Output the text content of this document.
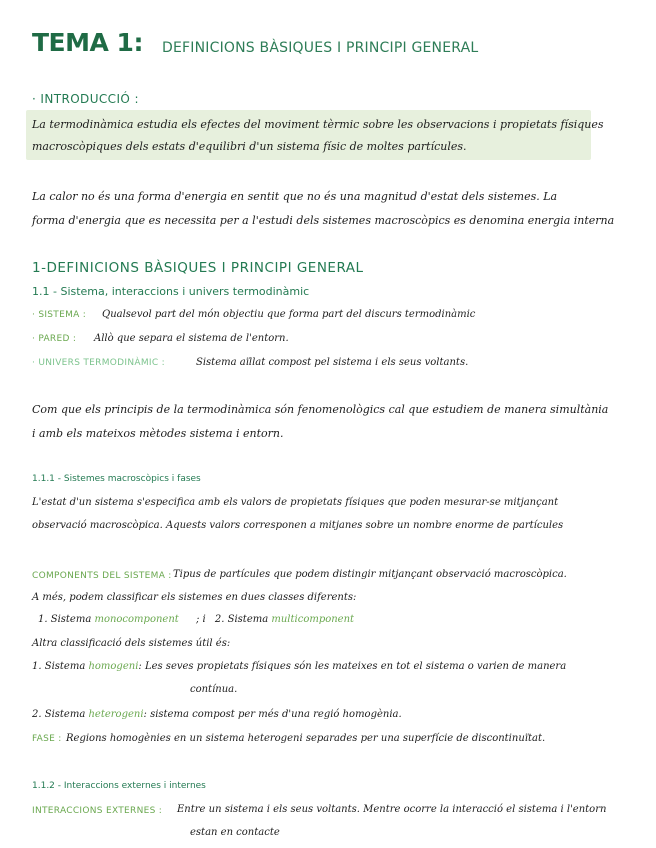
TEMA 1: DEFINICIONS BÀSIQUES I PRINCIPI GENERAL
· INTRODUCCIÓ :
La termodinàmica estudia els efectes del moviment tèrmic sobre les observacions i propietats físiques
macroscòpiques dels estats d'equilibri d'un sistema físic de moltes partícules.
La calor no és una forma d'energia en sentit que no és una magnitud d'estat dels sistemes. La
forma d'energia que es necessita per a l'estudi dels sistemes macroscòpics es denomina energia interna
1-DEFINICIONS BÀSIQUES I PRINCIPI GENERAL
1.1 - Sistema, interaccions i univers termodinàmic
· SISTEMA : Qualsevol part del món objectiu que forma part del discurs termodinàmic
· PARED : Allò que separa el sistema de l'entorn.
· UNIVERS TERMODINÀMIC :	Sistema aïllat compost pel sistema i els seus voltants.
Com que els principis de la termodinàmica són fenomenològics cal que estudiem de manera simultània
i amb els mateixos mètodes sistema i entorn.
1.1.1 - Sistemes macroscòpics i fases
L'estat d'un sistema s'especifica amb els valors de propietats físiques que poden mesurar-se mitjançant
observació macroscòpica. Aquests valors corresponen a mitjanes sobre un nombre enorme de partícules
COMPONENTS DEL SISTEMA : Tipus de partícules que podem distingir mitjançant observació macroscòpica.
A més, podem classificar els sistemes en dues classes diferents:
1. Sistema monocomponent ; i 2. Sistema multicomponent
Altra classificació dels sistemes útil és:
1. Sistema homogeni: Les seves propietats físiques són les mateixes en tot el sistema o varien de manera
contínua.
2. Sistema heterogeni: sistema compost per més d'una regió homogènia.
FASE : Regions homogènies en un sistema heterogeni separades per una superfície de discontinuïtat.
1.1.2 - Interaccions externes i internes
INTERACCIONS EXTERNES : Entre un sistema i els seus voltants. Mentre ocorre la interacció el sistema i l'entorn
estan en contacte
